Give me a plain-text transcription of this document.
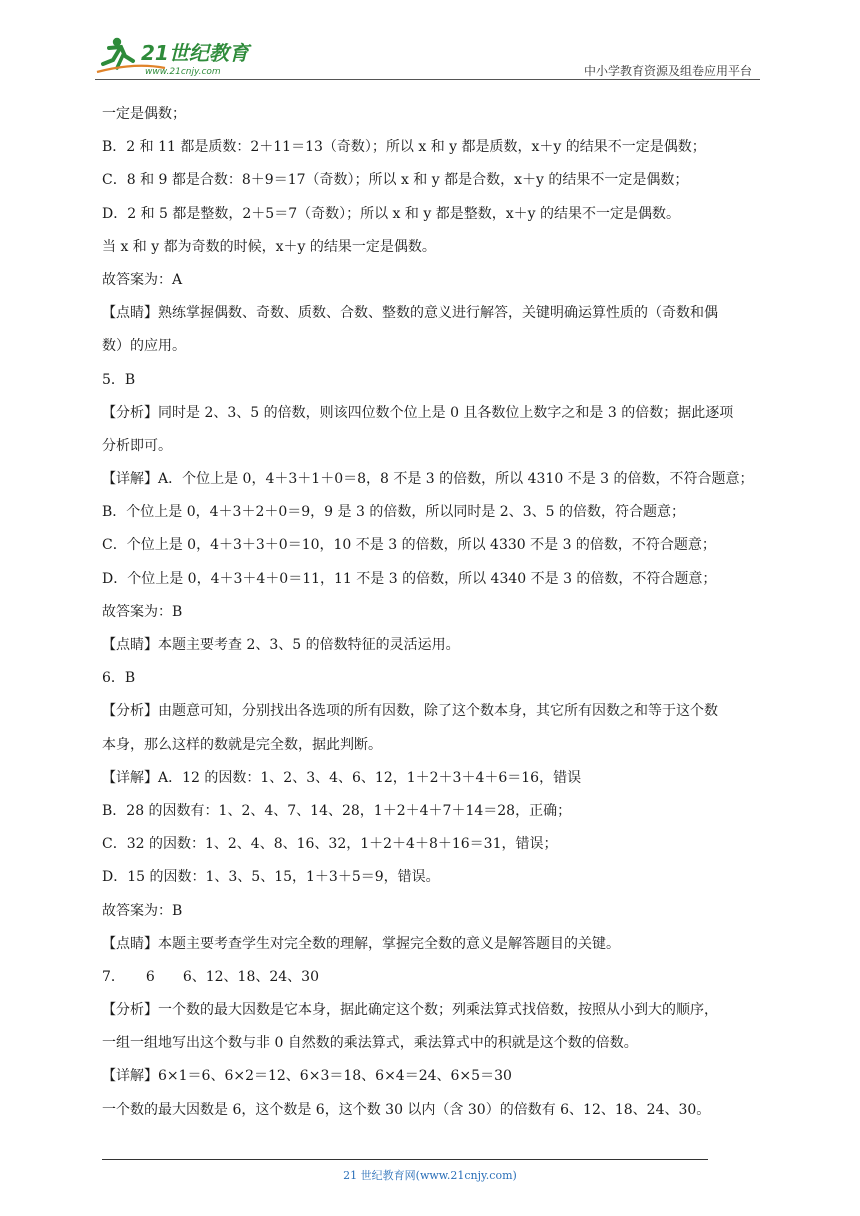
21世纪教育
www.21cnjy.com	中小学教育资源及组卷应用平台
一定是偶数；
B．2 和 11 都是质数：2＋11＝13（奇数）；所以 x 和 y 都是质数，x＋y 的结果不一定是偶数；
C．8 和 9 都是合数：8＋9＝17（奇数）；所以 x 和 y 都是合数，x＋y 的结果不一定是偶数；
D．2 和 5 都是整数，2＋5＝7（奇数）；所以 x 和 y 都是整数，x＋y 的结果不一定是偶数。
当 x 和 y 都为奇数的时候，x＋y 的结果一定是偶数。
故答案为：A
【点睛】熟练掌握偶数、奇数、质数、合数、整数的意义进行解答，关键明确运算性质的（奇数和偶
数）的应用。
5．B
【分析】同时是 2、3、5 的倍数，则该四位数个位上是 0 且各数位上数字之和是 3 的倍数；据此逐项
分析即可。
【详解】A．个位上是 0，4＋3＋1＋0＝8，8 不是 3 的倍数，所以 4310 不是 3 的倍数，不符合题意；
B．个位上是 0，4＋3＋2＋0＝9，9 是 3 的倍数，所以同时是 2、3、5 的倍数，符合题意；
C．个位上是 0，4＋3＋3＋0＝10，10 不是 3 的倍数，所以 4330 不是 3 的倍数，不符合题意；
D．个位上是 0，4＋3＋4＋0＝11，11 不是 3 的倍数，所以 4340 不是 3 的倍数，不符合题意；
故答案为：B
【点睛】本题主要考查 2、3、5 的倍数特征的灵活运用。
6．B
【分析】由题意可知，分别找出各选项的所有因数，除了这个数本身，其它所有因数之和等于这个数
本身，那么这样的数就是完全数，据此判断。
【详解】A．12 的因数：1、2、3、4、6、12，1＋2＋3＋4＋6＝16，错误
B．28 的因数有：1、2、4、7、14、28，1＋2＋4＋7＋14＝28，正确；
C．32 的因数：1、2、4、8、16、32，1＋2＋4＋8＋16＝31，错误；
D．15 的因数：1、3、5、15，1＋3＋5＝9，错误。
故答案为：B
【点睛】本题主要考查学生对完全数的理解，掌握完全数的意义是解答题目的关键。
7．　　6　　6、12、18、24、30
【分析】一个数的最大因数是它本身，据此确定这个数；列乘法算式找倍数，按照从小到大的顺序，
一组一组地写出这个数与非 0 自然数的乘法算式，乘法算式中的积就是这个数的倍数。
【详解】6×1＝6、6×2＝12、6×3＝18、6×4＝24、6×5＝30
一个数的最大因数是 6，这个数是 6，这个数 30 以内（含 30）的倍数有 6、12、18、24、30。
21 世纪教育网(www.21cnjy.com)
